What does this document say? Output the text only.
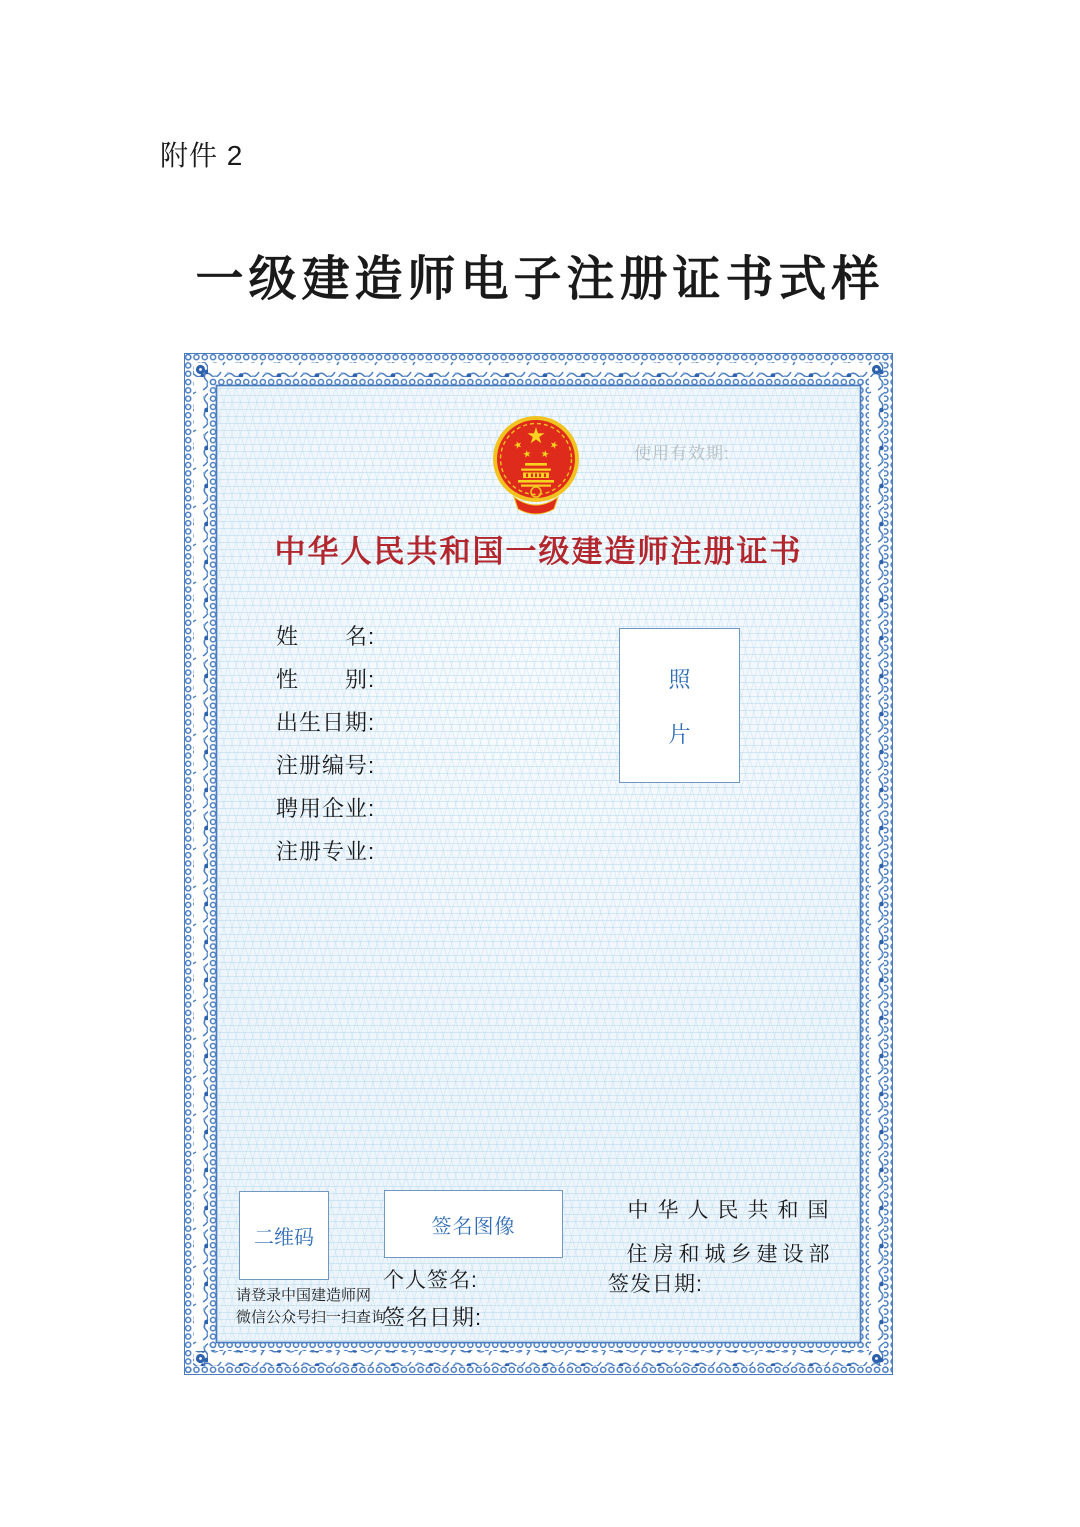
附件 2
一级建造师电子注册证书式样
使用有效期:
中华人民共和国一级建造师注册证书
姓　　名:
性　　别:
出生日期:
注册编号:
聘用企业:
注册专业:
照
片
二维码
请登录中国建造师网
微信公众号扫一扫查询
签名图像
个人签名:
签名日期:
中华人民共和国
住房和城乡建设部
签发日期:
